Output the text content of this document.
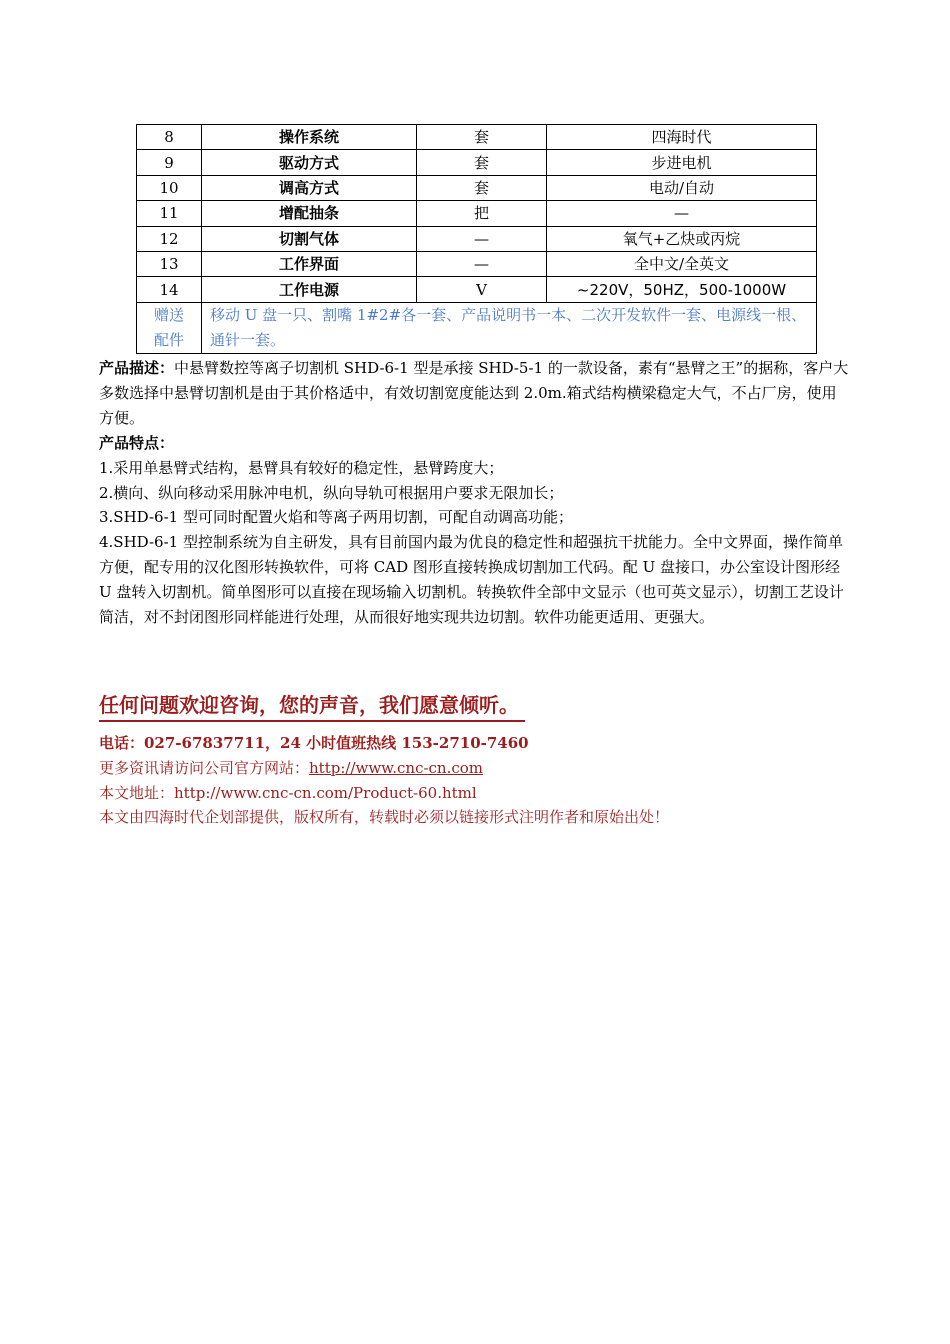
8	操作系统	套	四海时代
9	驱动方式	套	步进电机
10	调高方式	套	电动/自动
11	增配抽条	把	—
12	切割气体	—	氧气+乙炔或丙烷
13	工作界面	—	全中文/全英文
14	工作电源	V	~220V，50HZ，500-1000W

赠送
配件	移动 U 盘一只、割嘴 1#2#各一套、产品说明书一本、二次开发软件一套、电源线一根、通针一套。		

产品描述：中悬臂数控等离子切割机 SHD-6-1 型是承接 SHD-5-1 的一款设备，素有“悬臂之王”的据称，客户大多数选择中悬臂切割机是由于其价格适中，有效切割宽度能达到 2.0m.箱式结构横梁稳定大气，不占厂房，使用方便。

产品特点：

1.采用单悬臂式结构，悬臂具有较好的稳定性，悬臂跨度大；

2.横向、纵向移动采用脉冲电机，纵向导轨可根据用户要求无限加长；

3.SHD-6-1 型可同时配置火焰和等离子两用切割，可配自动调高功能；

4.SHD-6-1 型控制系统为自主研发，具有目前国内最为优良的稳定性和超强抗干扰能力。全中文界面，操作简单方便，配专用的汉化图形转换软件，可将 CAD 图形直接转换成切割加工代码。配 U 盘接口，办公室设计图形经 U 盘转入切割机。简单图形可以直接在现场输入切割机。转换软件全部中文显示（也可英文显示），切割工艺设计简洁，对不封闭图形同样能进行处理，从而很好地实现共边切割。软件功能更适用、更强大。

任何问题欢迎咨询，您的声音，我们愿意倾听。

电话：027-67837711，24 小时值班热线 153-2710-7460

更多资讯请访问公司官方网站：http://www.cnc-cn.com

本文地址：http://www.cnc-cn.com/Product-60.html

本文由四海时代企划部提供，版权所有，转载时必须以链接形式注明作者和原始出处！
